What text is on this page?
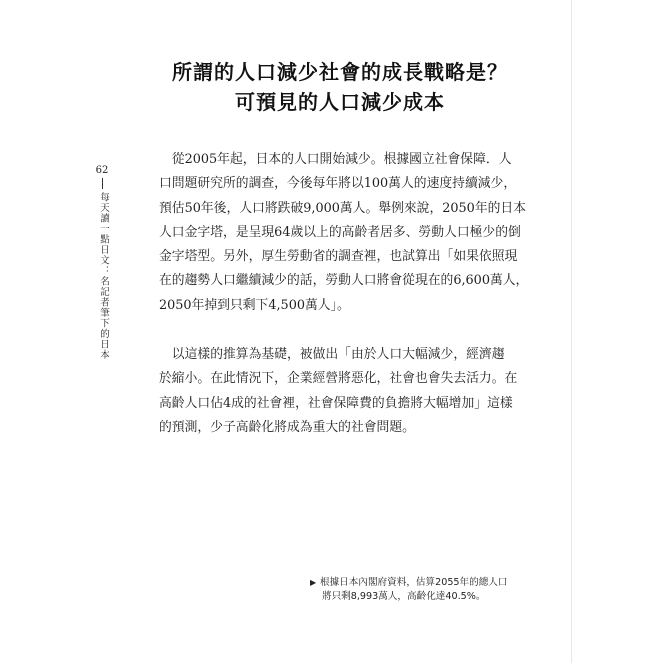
所謂的人口減少社會的成長戰略是？
可預見的人口減少成本
62
每天讀一點日文：名記者筆下的日本
　從2005年起，日本的人口開始減少。根據國立社會保障．人
口問題研究所的調查，今後每年將以100萬人的速度持續減少，
預估50年後，人口將跌破9,000萬人。舉例來說，2050年的日本
人口金字塔，是呈現64歲以上的高齡者居多、勞動人口極少的倒
金字塔型。另外，厚生勞動省的調查裡，也試算出「如果依照現
在的趨勢人口繼續減少的話，勞動人口將會從現在的6,600萬人，
2050年掉到只剩下4,500萬人」。
　以這樣的推算為基礎，被做出「由於人口大幅減少，經濟趨
於縮小。在此情況下，企業經營將惡化，社會也會失去活力。在
高齡人口佔4成的社會裡，社會保障費的負擔將大幅增加」這樣
的預測，少子高齡化將成為重大的社會問題。
▶ 根據日本內閣府資料，估算2055年的總人口
將只剩8,993萬人，高齡化達40.5%。
